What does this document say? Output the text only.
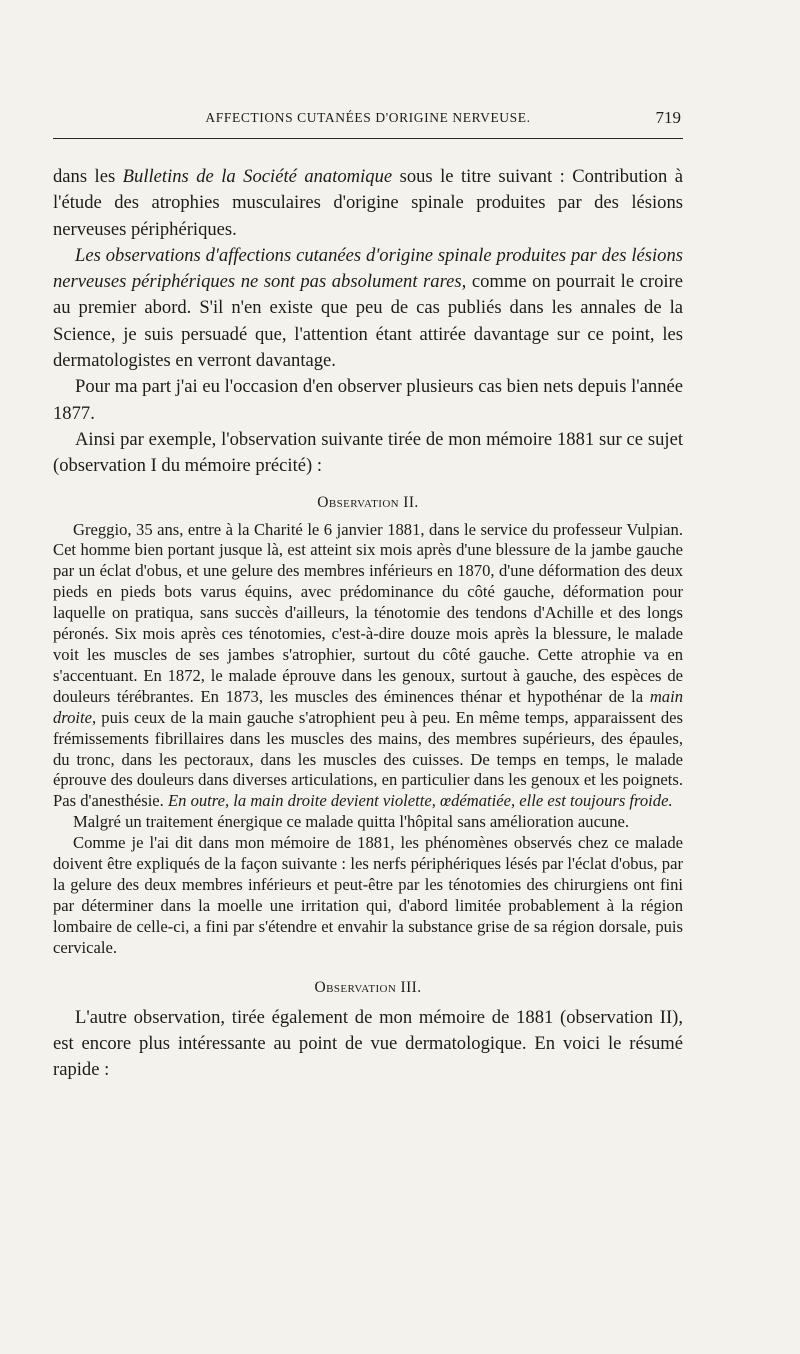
AFFECTIONS CUTANÉES D'ORIGINE NERVEUSE.	719

dans les Bulletins de la Société anatomique sous le titre suivant : Contribution à l'étude des atrophies musculaires d'origine spinale produites par des lésions nerveuses périphériques.

Les observations d'affections cutanées d'origine spinale produites par des lésions nerveuses périphériques ne sont pas absolument rares, comme on pourrait le croire au premier abord. S'il n'en existe que peu de cas publiés dans les annales de la Science, je suis persuadé que, l'attention étant attirée davantage sur ce point, les dermatologistes en verront davantage.

Pour ma part j'ai eu l'occasion d'en observer plusieurs cas bien nets depuis l'année 1877.

Ainsi par exemple, l'observation suivante tirée de mon mémoire 1881 sur ce sujet (observation I du mémoire précité) :

Observation II.

Greggio, 35 ans, entre à la Charité le 6 janvier 1881, dans le service du professeur Vulpian. Cet homme bien portant jusque là, est atteint six mois après d'une blessure de la jambe gauche par un éclat d'obus, et une gelure des membres inférieurs en 1870, d'une déformation des deux pieds en pieds bots varus équins, avec prédominance du côté gauche, déformation pour laquelle on pratiqua, sans succès d'ailleurs, la ténotomie des tendons d'Achille et des longs péronés. Six mois après ces ténotomies, c'est-à-dire douze mois après la blessure, le malade voit les muscles de ses jambes s'atrophier, surtout du côté gauche. Cette atrophie va en s'accentuant. En 1872, le malade éprouve dans les genoux, surtout à gauche, des espèces de douleurs térébrantes. En 1873, les muscles des éminences thénar et hypothénar de la main droite, puis ceux de la main gauche s'atrophient peu à peu. En même temps, apparaissent des frémissements fibrillaires dans les muscles des mains, des membres supérieurs, des épaules, du tronc, dans les pectoraux, dans les muscles des cuisses. De temps en temps, le malade éprouve des douleurs dans diverses articulations, en particulier dans les genoux et les poignets. Pas d'anesthésie. En outre, la main droite devient violette, œdématiée, elle est toujours froide.

Malgré un traitement énergique ce malade quitta l'hôpital sans amélioration aucune.

Comme je l'ai dit dans mon mémoire de 1881, les phénomènes observés chez ce malade doivent être expliqués de la façon suivante : les nerfs périphériques lésés par l'éclat d'obus, par la gelure des deux membres inférieurs et peut-être par les ténotomies des chirurgiens ont fini par déterminer dans la moelle une irritation qui, d'abord limitée probablement à la région lombaire de celle-ci, a fini par s'étendre et envahir la substance grise de sa région dorsale, puis cervicale.

Observation III.

L'autre observation, tirée également de mon mémoire de 1881 (observation II), est encore plus intéressante au point de vue dermatologique. En voici le résumé rapide :
